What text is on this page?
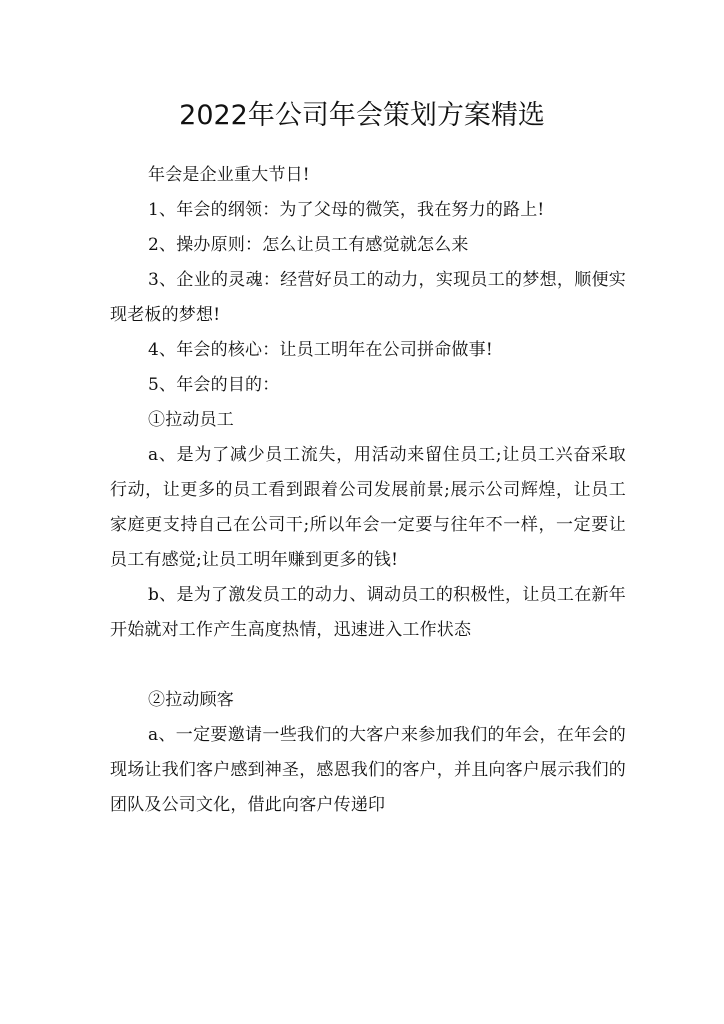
2022年公司年会策划方案精选

年会是企业重大节日!

1、年会的纲领：为了父母的微笑，我在努力的路上!

2、操办原则：怎么让员工有感觉就怎么来

3、企业的灵魂：经营好员工的动力，实现员工的梦想，顺便实现老板的梦想!

4、年会的核心：让员工明年在公司拼命做事!

5、年会的目的：

①拉动员工

a、是为了减少员工流失，用活动来留住员工;让员工兴奋采取行动，让更多的员工看到跟着公司发展前景;展示公司辉煌，让员工家庭更支持自己在公司干;所以年会一定要与往年不一样，一定要让员工有感觉;让员工明年赚到更多的钱!

b、是为了激发员工的动力、调动员工的积极性，让员工在新年开始就对工作产生高度热情，迅速进入工作状态

②拉动顾客

a、一定要邀请一些我们的大客户来参加我们的年会，在年会的现场让我们客户感到神圣，感恩我们的客户，并且向客户展示我们的团队及公司文化，借此向客户传递印
